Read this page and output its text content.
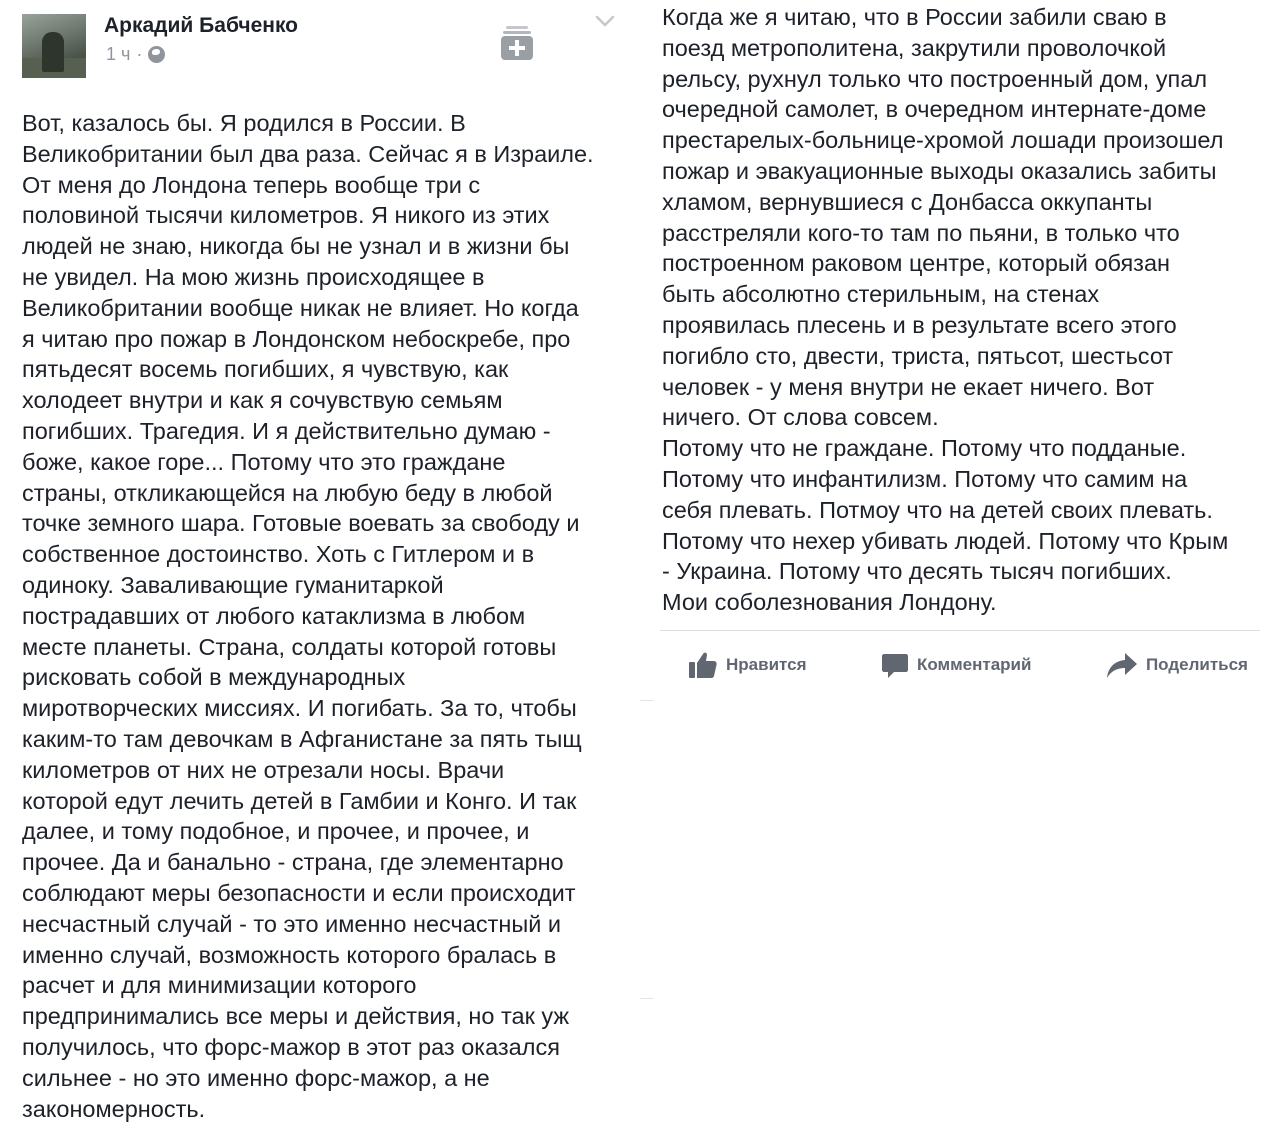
Аркадий Бабченко
1 ч ·
Вот, казалось бы. Я родился в России. В
Великобритании был два раза. Сейчас я в Израиле.
От меня до Лондона теперь вообще три с
половиной тысячи километров. Я никого из этих
людей не знаю, никогда бы не узнал и в жизни бы
не увидел. На мою жизнь происходящее в
Великобритании вообще никак не влияет. Но когда
я читаю про пожар в Лондонском небоскребе, про
пятьдесят восемь погибших, я чувствую, как
холодеет внутри и как я сочувствую семьям
погибших. Трагедия. И я действительно думаю -
боже, какое горе... Потому что это граждане
страны, откликающейся на любую беду в любой
точке земного шара. Готовые воевать за свободу и
собственное достоинство. Хоть с Гитлером и в
одиноку. Заваливающие гуманитаркой
пострадавших от любого катаклизма в любом
месте планеты. Страна, солдаты которой готовы
рисковать собой в международных
миротворческих миссиях. И погибать. За то, чтобы
каким-то там девочкам в Афганистане за пять тыщ
километров от них не отрезали носы. Врачи
которой едут лечить детей в Гамбии и Конго. И так
далее, и тому подобное, и прочее, и прочее, и
прочее. Да и банально - страна, где элементарно
соблюдают меры безопасности и если происходит
несчастный случай - то это именно несчастный и
именно случай, возможность которого бралась в
расчет и для минимизации которого
предпринимались все меры и действия, но так уж
получилось, что форс-мажор в этот раз оказался
сильнее - но это именно форс-мажор, а не
закономерность.
Когда же я читаю, что в России забили сваю в
поезд метрополитена, закрутили проволочкой
рельсу, рухнул только что построенный дом, упал
очередной самолет, в очередном интернате-доме
престарелых-больнице-хромой лошади произошел
пожар и эвакуационные выходы оказались забиты
хламом, вернувшиеся с Донбасса оккупанты
расстреляли кого-то там по пьяни, в только что
построенном раковом центре, который обязан
быть абсолютно стерильным, на стенах
проявилась плесень и в результате всего этого
погибло сто, двести, триста, пятьсот, шестьсот
человек - у меня внутри не екает ничего. Вот
ничего. От слова совсем.
Потому что не граждане. Потому что подданые.
Потому что инфантилизм. Потому что самим на
себя плевать. Потмоу что на детей своих плевать.
Потому что нехер убивать людей. Потому что Крым
- Украина. Потому что десять тысяч погибших.
Мои соболезнования Лондону.
Нравится	Комментарий	Поделиться
